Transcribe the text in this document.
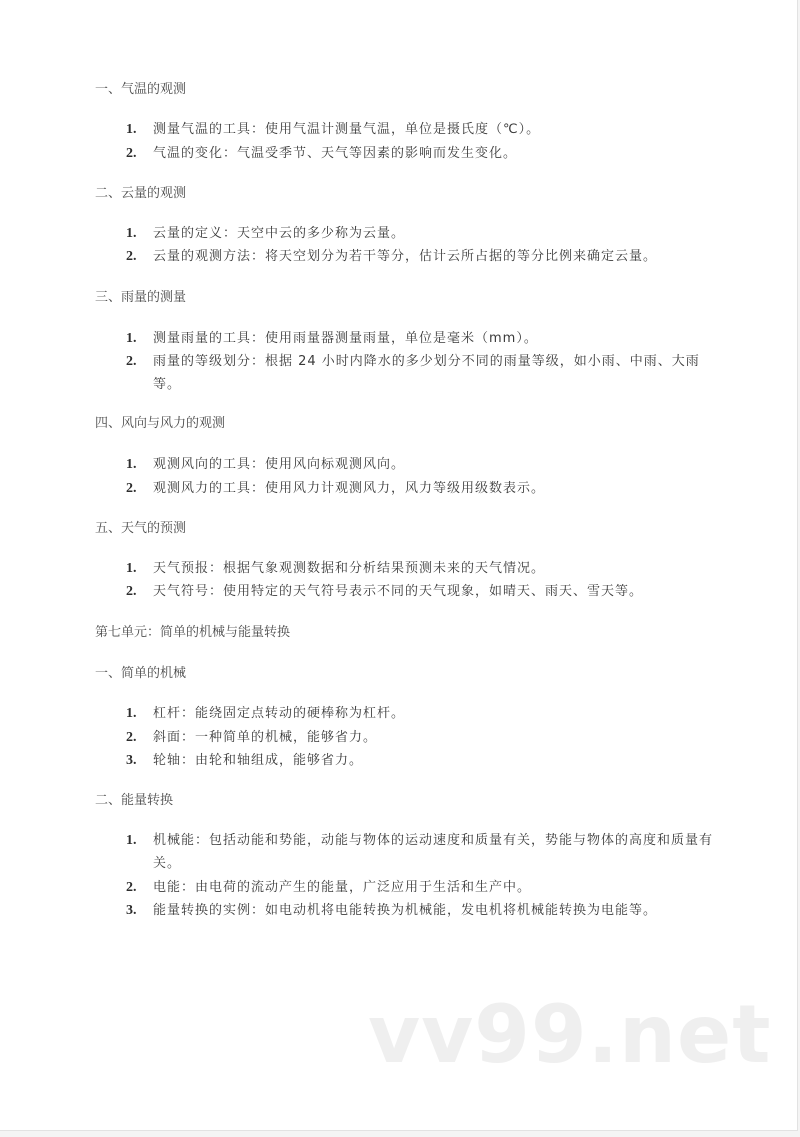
一、气温的观测
1. 测量气温的工具：使用气温计测量气温，单位是摄氏度（℃）。
2. 气温的变化：气温受季节、天气等因素的影响而发生变化。
二、云量的观测
1. 云量的定义：天空中云的多少称为云量。
2. 云量的观测方法：将天空划分为若干等分，估计云所占据的等分比例来确定云量。
三、雨量的测量
1. 测量雨量的工具：使用雨量器测量雨量，单位是毫米（mm）。
2. 雨量的等级划分：根据 24 小时内降水的多少划分不同的雨量等级，如小雨、中雨、大雨等。
四、风向与风力的观测
1. 观测风向的工具：使用风向标观测风向。
2. 观测风力的工具：使用风力计观测风力，风力等级用级数表示。
五、天气的预测
1. 天气预报：根据气象观测数据和分析结果预测未来的天气情况。
2. 天气符号：使用特定的天气符号表示不同的天气现象，如晴天、雨天、雪天等。
第七单元：简单的机械与能量转换
一、简单的机械
1. 杠杆：能绕固定点转动的硬棒称为杠杆。
2. 斜面：一种简单的机械，能够省力。
3. 轮轴：由轮和轴组成，能够省力。
二、能量转换
1. 机械能：包括动能和势能，动能与物体的运动速度和质量有关，势能与物体的高度和质量有关。
2. 电能：由电荷的流动产生的能量，广泛应用于生活和生产中。
3. 能量转换的实例：如电动机将电能转换为机械能，发电机将机械能转换为电能等。
vv99.net
